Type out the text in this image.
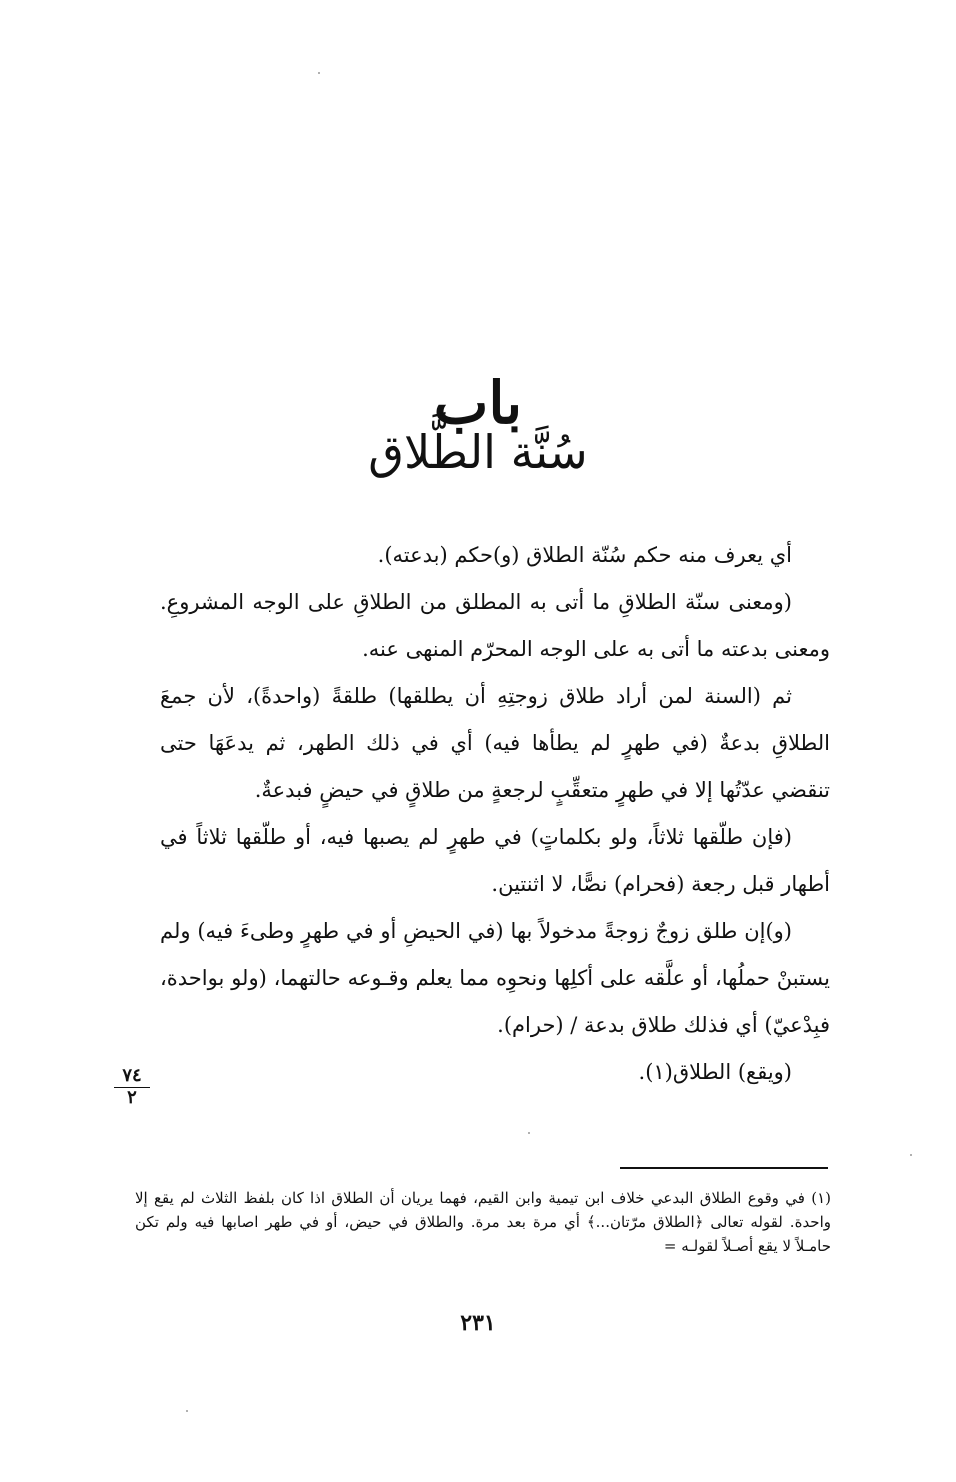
باب
سُنَّة الطَّلاق

أي يعرف منه حكم سُنّة الطلاق (و)حكم (بدعته).

(ومعنى سنّة الطلاقِ ما أتى به المطلق من الطلاقِ على الوجه المشروعِ. ومعنى بدعته ما أتى به على الوجه المحرّم المنهى عنه.

ثم (السنة لمن أراد طلاق زوجتِهِ أن يطلقها) طلقةً (واحدةً)، لأن جمعَ الطلاقِ بدعةٌ (في طهرٍ لم يطأها فيه) أي في ذلك الطهر، ثم يدعَهَا حتى تنقضي عدّتُها إلا في طهرٍ متعقِّبٍ لرجعةٍ من طلاقٍ في حيضٍ فبدعةٌ.

(فإن طلّقها ثلاثاً، ولو بكلماتٍ) في طهرٍ لم يصبها فيه، أو طلّقها ثلاثاً في أطهار قبل رجعة (فحرام) نصًّا، لا اثنتين.

(و)إن طلق زوجٌ زوجةً مدخولاً بها (في الحيضِ أو في طهرٍ وطىءَ فيه) ولم يستبنْ حملُها، أو علَّقه على أكلِها ونحوِه مما يعلم وقـوعه حالتهما، (ولو بواحدة، فبِدْعيّ) أي فذلك طلاق بدعة / (حرام).

(ويقع) الطلاق(١).

٧٤
٢

(١) في وقوع الطلاق البدعي خلاف ابن تيمية وابن القيم، فهما يريان أن الطلاق اذا كان بلفظ الثلاث لم يقع إلا واحدة. لقوله تعالى ﴿الطلاق مرّتان...﴾ أي مرة بعد مرة. والطلاق في حيض، أو في طهر اصابها فيه ولم تكن حامـلاً لا يقع أصـلاً لقولـه =

٢٣١
